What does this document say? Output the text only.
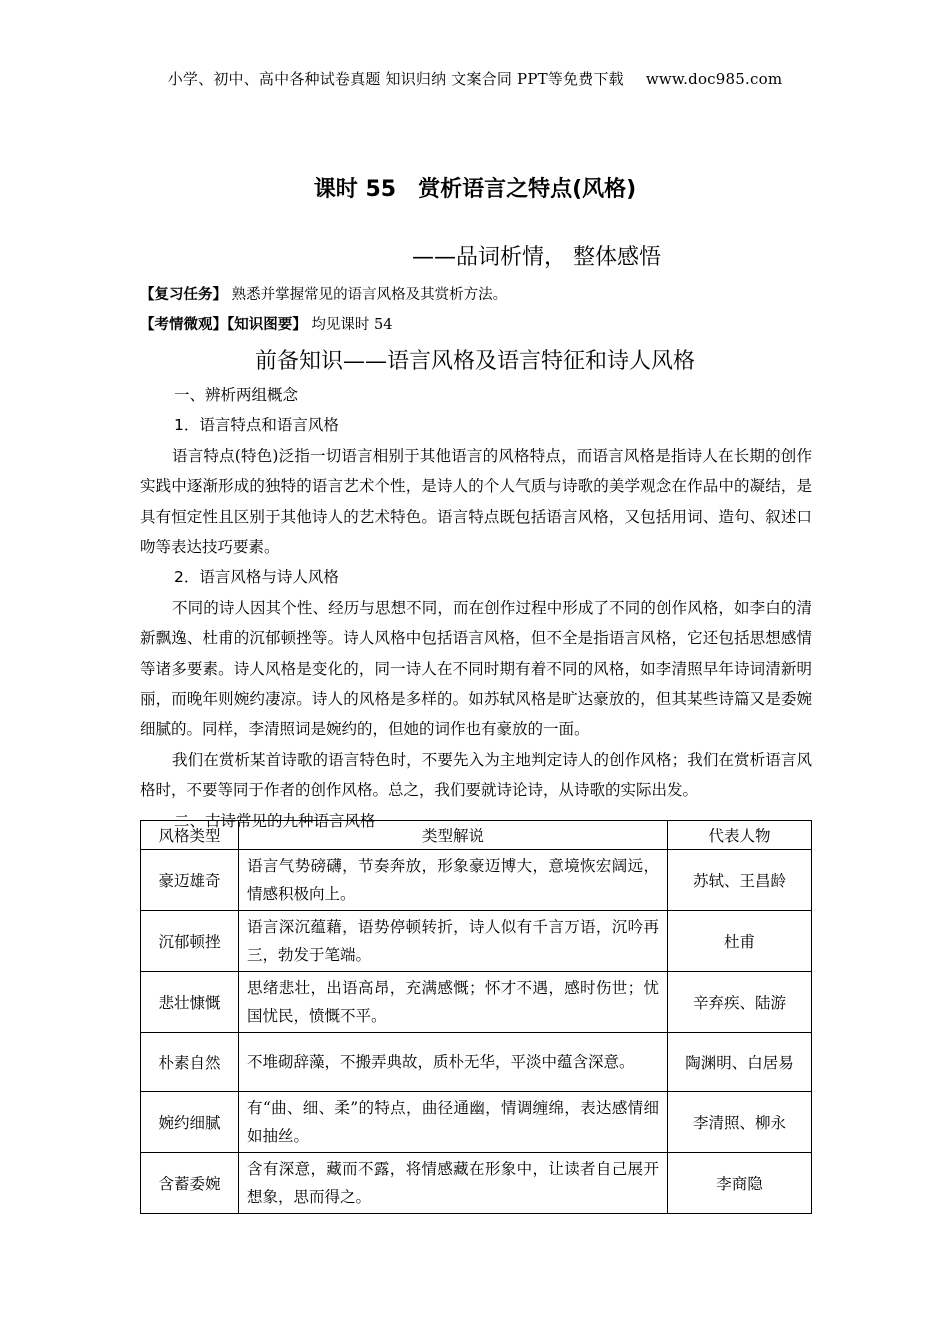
小学、初中、高中各种试卷真题 知识归纳 文案合同 PPT等免费下载 www.doc985.com
课时 55　赏析语言之特点(风格)
——品词析情， 整体感悟
【复习任务】 熟悉并掌握常见的语言风格及其赏析方法。
【考情微观】【知识图要】 均见课时 54
前备知识——语言风格及语言特征和诗人风格

一、辨析两组概念

1．语言特点和语言风格

语言特点(特色)泛指一切语言相别于其他语言的风格特点，而语言风格是指诗人在长期的创作实践中逐渐形成的独特的语言艺术个性，是诗人的个人气质与诗歌的美学观念在作品中的凝结，是具有恒定性且区别于其他诗人的艺术特色。语言特点既包括语言风格，又包括用词、造句、叙述口吻等表达技巧要素。

2．语言风格与诗人风格

不同的诗人因其个性、经历与思想不同，而在创作过程中形成了不同的创作风格，如李白的清新飘逸、杜甫的沉郁顿挫等。诗人风格中包括语言风格，但不全是指语言风格，它还包括思想感情等诸多要素。诗人风格是变化的，同一诗人在不同时期有着不同的风格，如李清照早年诗词清新明丽，而晚年则婉约凄凉。诗人的风格是多样的。如苏轼风格是旷达豪放的，但其某些诗篇又是委婉细腻的。同样，李清照词是婉约的，但她的词作也有豪放的一面。

我们在赏析某首诗歌的语言特色时，不要先入为主地判定诗人的创作风格；我们在赏析语言风格时，不要等同于作者的创作风格。总之，我们要就诗论诗，从诗歌的实际出发。

二、古诗常见的九种语言风格

风格类型	类型解说	代表人物
豪迈雄奇	语言气势磅礴，节奏奔放，形象豪迈博大，意境恢宏阔远，情感积极向上。	苏轼、王昌龄
沉郁顿挫	语言深沉蕴藉，语势停顿转折，诗人似有千言万语，沉吟再三，勃发于笔端。	杜甫
悲壮慷慨	思绪悲壮，出语高昂，充满感慨；怀才不遇，感时伤世；忧国忧民，愤慨不平。	辛弃疾、陆游
朴素自然	不堆砌辞藻，不搬弄典故，质朴无华，平淡中蕴含深意。	陶渊明、白居易
婉约细腻	有“曲、细、柔”的特点，曲径通幽，情调缠绵，表达感情细如抽丝。	李清照、柳永
含蓄委婉	含有深意，藏而不露，将情感藏在形象中，让读者自己展开想象，思而得之。	李商隐
